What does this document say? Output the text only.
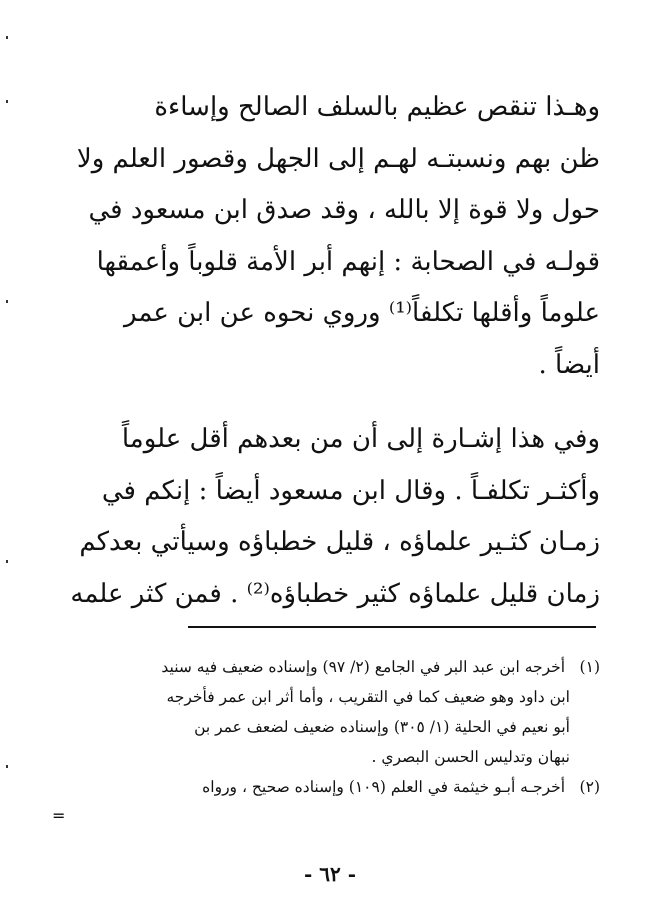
وهـذا تنقص عظيم بالسلف الصالح وإساءة
ظن بهم ونسبتـه لهـم إلى الجهل وقصور العلم ولا
حول ولا قوة إلا بالله ، وقد صدق ابن مسعود في
قولـه في الصحابة : إنهم أبر الأمة قلوباً وأعمقها
علوماً وأقلها تكلفاً⁽¹⁾ وروي نحوه عن ابن عمر
أيضاً .
وفي هذا إشـارة إلى أن من بعدهم أقل علوماً
وأكثـر تكلفـاً . وقال ابن مسعود أيضاً : إنكم في
زمـان كثـير علماؤه ، قليل خطباؤه وسيأتي بعدكم
زمان قليل علماؤه كثير خطباؤه⁽²⁾ . فمن كثر علمه
(١) أخرجه ابن عبد البر في الجامع (٢/ ٩٧) وإسناده ضعيف فيه سنيد
ابن داود وهو ضعيف كما في التقريب ، وأما أثر ابن عمر فأخرجه
أبو نعيم في الحلية (١/ ٣٠٥) وإسناده ضعيف لضعف عمر بن
نبهان وتدليس الحسن البصري .
(٢) أخرجـه أبـو خيثمة في العلم (١٠٩) وإسناده صحيح ، ورواه
=
- ٦٢ -
